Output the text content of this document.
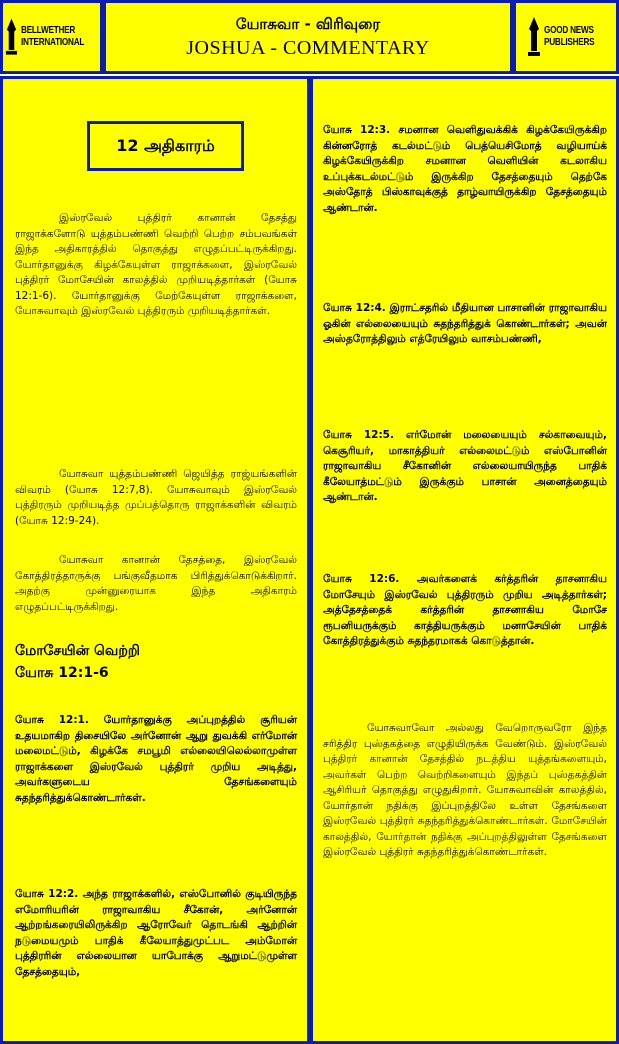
BELLWETHER
INTERNATIONAL
யோசுவா - விரிவுரை
JOSHUA - COMMENTARY
GOOD NEWS
PUBLISHERS
12 அதிகாரம்
இஸ்ரவேல் புத்திரர் கானான் தேசத்து ராஜாக்களோடு யுத்தம்பண்ணி வெற்றி பெற்ற சம்பவங்கள் இந்த அதிகாரத்தில் தொகுத்து எழுதப்பட்டிருக்கிறது. யோர்தானுக்கு கிழக்கேயுள்ள ராஜாக்களை, இஸ்ரவேல் புத்திரர் மோசேயின் காலத்தில் முறியடித்தார்கள் (யோசு 12:1-6). யோர்தானுக்கு மேற்கேயுள்ள ராஜாக்களை, யோசுவாவும் இஸ்ரவேல் புத்திரரும் முறியடித்தார்கள்.
யோசுவா யுத்தம்பண்ணி ஜெயித்த ராஜ்யங்களின் விவரம் (யோசு 12:7,8). யோசுவாவும் இஸ்ரவேல் புத்திரரும் முறியடித்த முப்பத்தொரு ராஜாக்களின் விவரம் (யோசு 12:9-24).
யோசுவா கானான் தேசத்தை, இஸ்ரவேல் கோத்திரத்தாருக்கு பங்குவீதமாக பிரித்துக்கொடுக்கிறார். அதற்கு முன்னுரையாக இந்த அதிகாரம் எழுதப்பட்டிருக்கிறது.
மோசேயின் வெற்றி
யோசு 12:1-6
யோசு 12:1. யோர்தானுக்கு அப்புறத்தில் சூரியன் உதயமாகிற திசையிலே அர்னோன் ஆறு துவக்கி எர்மோன் மலைமட்டும், கிழக்கே சமபூமி எல்லையிலெல்லாமுள்ள ராஜாக்களை இஸ்ரவேல் புத்திரர் முறிய அடித்து, அவர்களுடைய தேசங்களையும் சுதந்தரித்துக்கொண்டார்கள்.
யோசு 12:2. அந்த ராஜாக்களில், எஸ்போனில் குடியிருந்த எமோரியரின் ராஜாவாகிய சீகோன், அர்னோன் ஆற்றங்கரையிலிருக்கிற ஆரோவேர் தொடங்கி ஆற்றின் நடுமையமும் பாதிக் கீலேயாத்துமுட்பட அம்மோன் புத்திரரின் எல்லையான யாபோக்கு ஆறுமட்டுமுள்ள தேசத்தையும்,
யோசு 12:3. சமனான வெளிதுவக்கிக் கிழக்கேயிருக்கிற கின்னரோத் கடல்மட்டும் பெத்யெசிமோத் வழியாய்க் கிழக்கேயிருக்கிற சமனான வெளியின் கடலாகிய உப்புக்கடல்மட்டும் இருக்கிற தேசத்தையும் தெற்கே அஸ்தோத் பிஸ்காவுக்குத் தாழ்வாயிருக்கிற தேசத்தையும் ஆண்டான்.
யோசு 12:4. இராட்சதரில் மீதியான பாசானின் ராஜாவாகிய ஓகின் எல்லையையும் சுதந்தரித்துக் கொண்டார்கள்; அவன் அஸ்தரோத்திலும் எத்ரேயிலும் வாசம்பண்ணி,
யோசு 12:5. எர்மோன் மலையையும் சல்காவையும், கெசூரியர், மாகாத்தியர் எல்லைமட்டும் எஸ்போனின் ராஜாவாகிய சீகோனின் எல்லையாயிருந்த பாதிக் கீலேயாத்மட்டும் இருக்கும் பாசான் அனைத்தையும் ஆண்டான்.
யோசு 12:6. அவர்களைக் கர்த்தரின் தாசனாகிய மோசேயும் இஸ்ரவேல் புத்திரரும் முறிய அடித்தார்கள்; அத்தேசத்தைக் கர்த்தரின் தாசனாகிய மோசே ரூபனியருக்கும் காத்தியருக்கும் மனாசேயின் பாதிக் கோத்திரத்துக்கும் சுதந்தரமாகக் கொடுத்தான்.
யோசுவாவோ அல்லது வேறொருவரோ இந்த சரித்திர புஸ்தகத்தை எழுதியிருக்க வேண்டும். இஸ்ரவேல் புத்திரர் கானான் தேசத்தில் நடத்திய யுத்தங்களையும், அவர்கள் பெற்ற வெற்றிகளையும் இந்தப் புஸ்தகத்தின் ஆசிரியர் தொகுத்து எழுதுகிறார். யோசுவாவின் காலத்தில், யோர்தான் நதிக்கு இப்புறத்திலே உள்ள தேசங்களை இஸ்ரவேல் புத்திரர் சுதந்தரித்துக்கொண்டார்கள். மோசேயின் காலத்தில், யோர்தான் நதிக்கு அப்புறத்திலுள்ள தேசங்களை இஸ்ரவேல் புத்திரர் சுதந்தரித்துக்கொண்டார்கள்.
